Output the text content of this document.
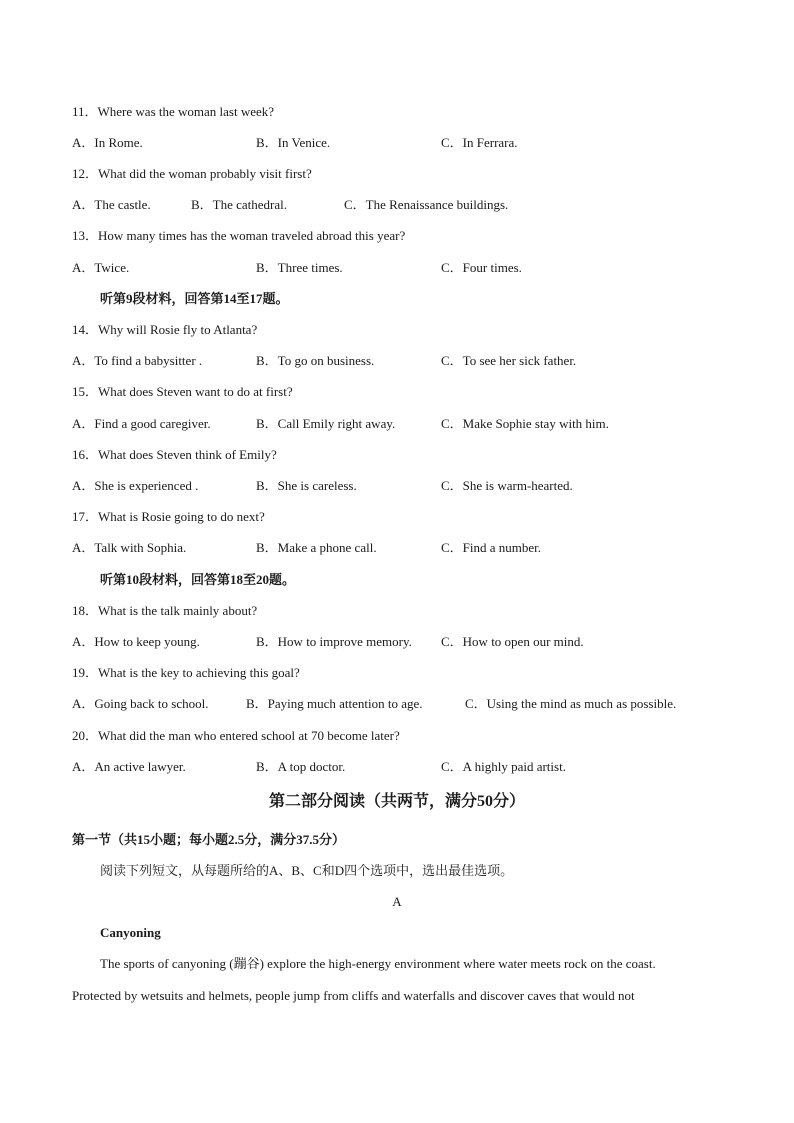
11．Where was the woman last week?
A．In Rome.	B．In Venice.	C．In Ferrara.
12．What did the woman probably visit first?
A．The castle.	B．The cathedral.	C．The Renaissance buildings.
13．How many times has the woman traveled abroad this year?
A．Twice.	B．Three times.	C．Four times.
听第9段材料，回答第14至17题。
14．Why will Rosie fly to Atlanta?
A．To find a babysitter .	B．To go on business.	C．To see her sick father.
15．What does Steven want to do at first?
A．Find a good caregiver.	B．Call Emily right away.	C．Make Sophie stay with him.
16．What does Steven think of Emily?
A．She is experienced .	B．She is careless.	C．She is warm-hearted.
17．What is Rosie going to do next?
A．Talk with Sophia.	B．Make a phone call.	C．Find a number.
听第10段材料，回答第18至20题。
18．What is the talk mainly about?
A．How to keep young.	B．How to improve memory. C．How to open our mind.
19．What is the key to achieving this goal?
A．Going back to school.	B．Paying much attention to age.	C．Using the mind as much as possible.
20．What did the man who entered school at 70 become later?
A．An active lawyer.	B．A top doctor.	C．A highly paid artist.
第二部分阅读（共两节，满分50分）
第一节（共15小题；每小题2.5分，满分37.5分）
阅读下列短文，从每题所给的A、B、C和D四个选项中，选出最佳选项。
A
Canyoning
The sports of canyoning (蹦谷) explore the high-energy environment where water meets rock on the coast.
Protected by wetsuits and helmets, people jump from cliffs and waterfalls and discover caves that would not
